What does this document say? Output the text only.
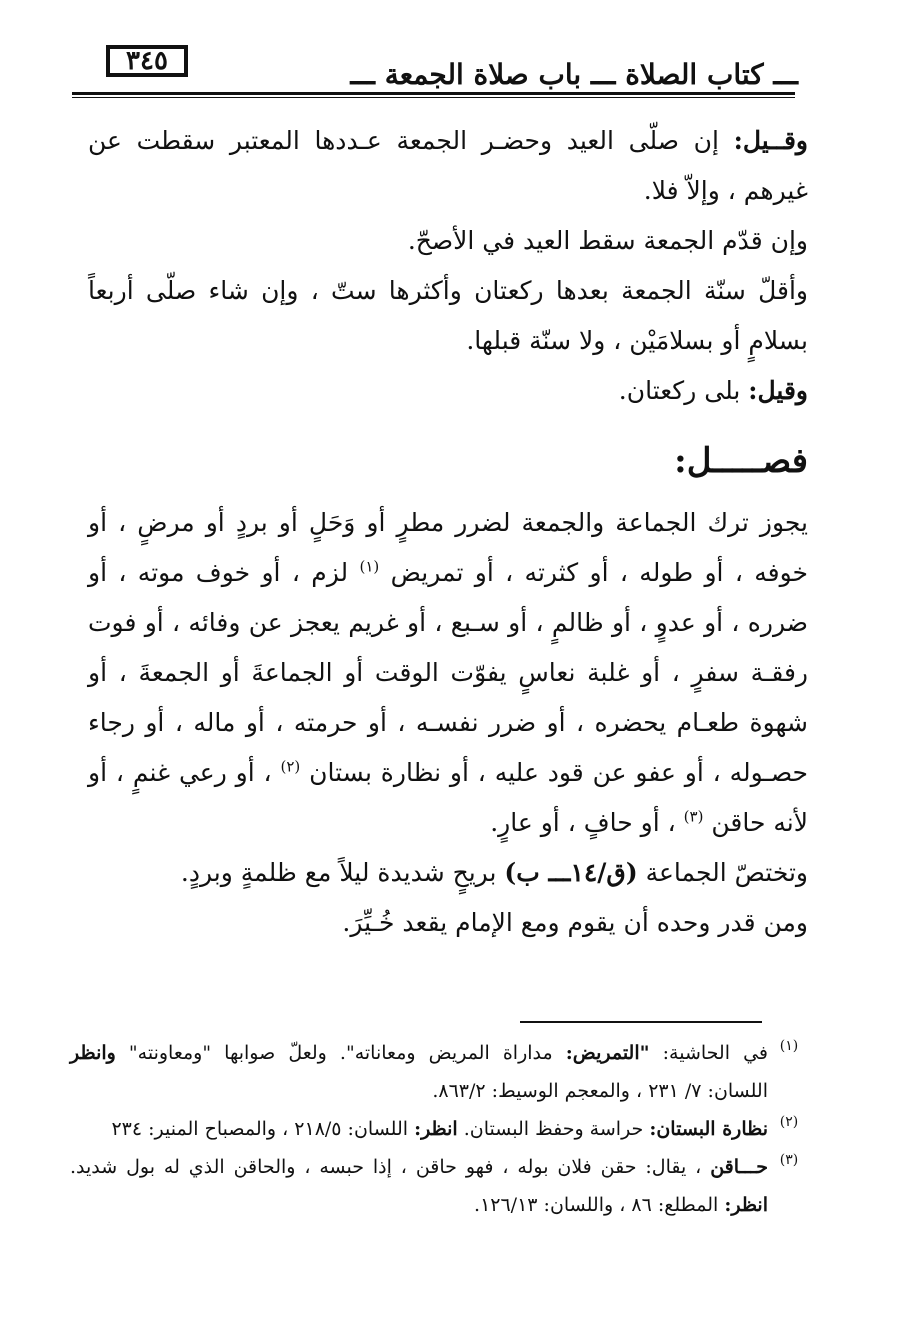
٣٤٥	ـــ كتاب الصلاة ـــ باب صلاة الجمعة ـــ

وقــيل: إن صلّى العيد وحضـر الجمعة عـددها المعتبر سقطت عن غيرهم ، وإلاّ فلا.

وإن قدّم الجمعة سقط العيد في الأصحّ.

وأقلّ سنّة الجمعة بعدها ركعتان وأكثرها ستّ ، وإن شاء صلّى أربعاً بسلامٍ أو بسلامَيْن ، ولا سنّة قبلها.

وقيل: بلى ركعتان.

فصـــــل:

يجوز ترك الجماعة والجمعة لضرر مطرٍ أو وَحَلٍ أو بردٍ أو مرضٍ ، أو خوفه ، أو طوله ، أو كثرته ، أو تمريض $^{(١)}$ لزم ، أو خوف موته ، أو ضرره ، أو عدوٍ ، أو ظالمٍ ، أو سـبع ، أو غريم يعجز عن وفائه ، أو فوت رفقـة سفرٍ ، أو غلبة نعاسٍ يفوّت الوقت أو الجماعةَ أو الجمعةَ ، أو شهوة طعـام يحضره ، أو ضرر نفسـه ، أو حرمته ، أو ماله ، أو رجاء حصـوله ، أو عفو عن قود عليه ، أو نظارة بستان $^{(٢)}$ ، أو رعي غنمٍ ، أو لأنه حاقن $^{(٣)}$ ، أو حافٍ ، أو عارٍ.

وتختصّ الجماعة (ق/١٤ـــ ب) بريحٍ شديدة ليلاً مع ظلمةٍ وبردٍ.

ومن قدر وحده أن يقوم ومع الإمام يقعد خُـيِّرَ.

(١)
في الحاشية: "التمريض: مداراة المريض ومعاناته". ولعلّ صوابها "ومعاونته" وانظر اللسان: ٧/ ٢٣١ ، والمعجم الوسيط: ٨٦٣/٢.
(٢)
نظارة البستان: حراسة وحفظ البستان. انظر: اللسان: ٢١٨/٥ ، والمصباح المنير: ٢٣٤
(٣)
حـــاقن ، يقال: حقن فلان بوله ، فهو حاقن ، إذا حبسه ، والحاقن الذي له بول شديد. انظر: المطلع: ٨٦ ، واللسان: ١٢٦/١٣.
